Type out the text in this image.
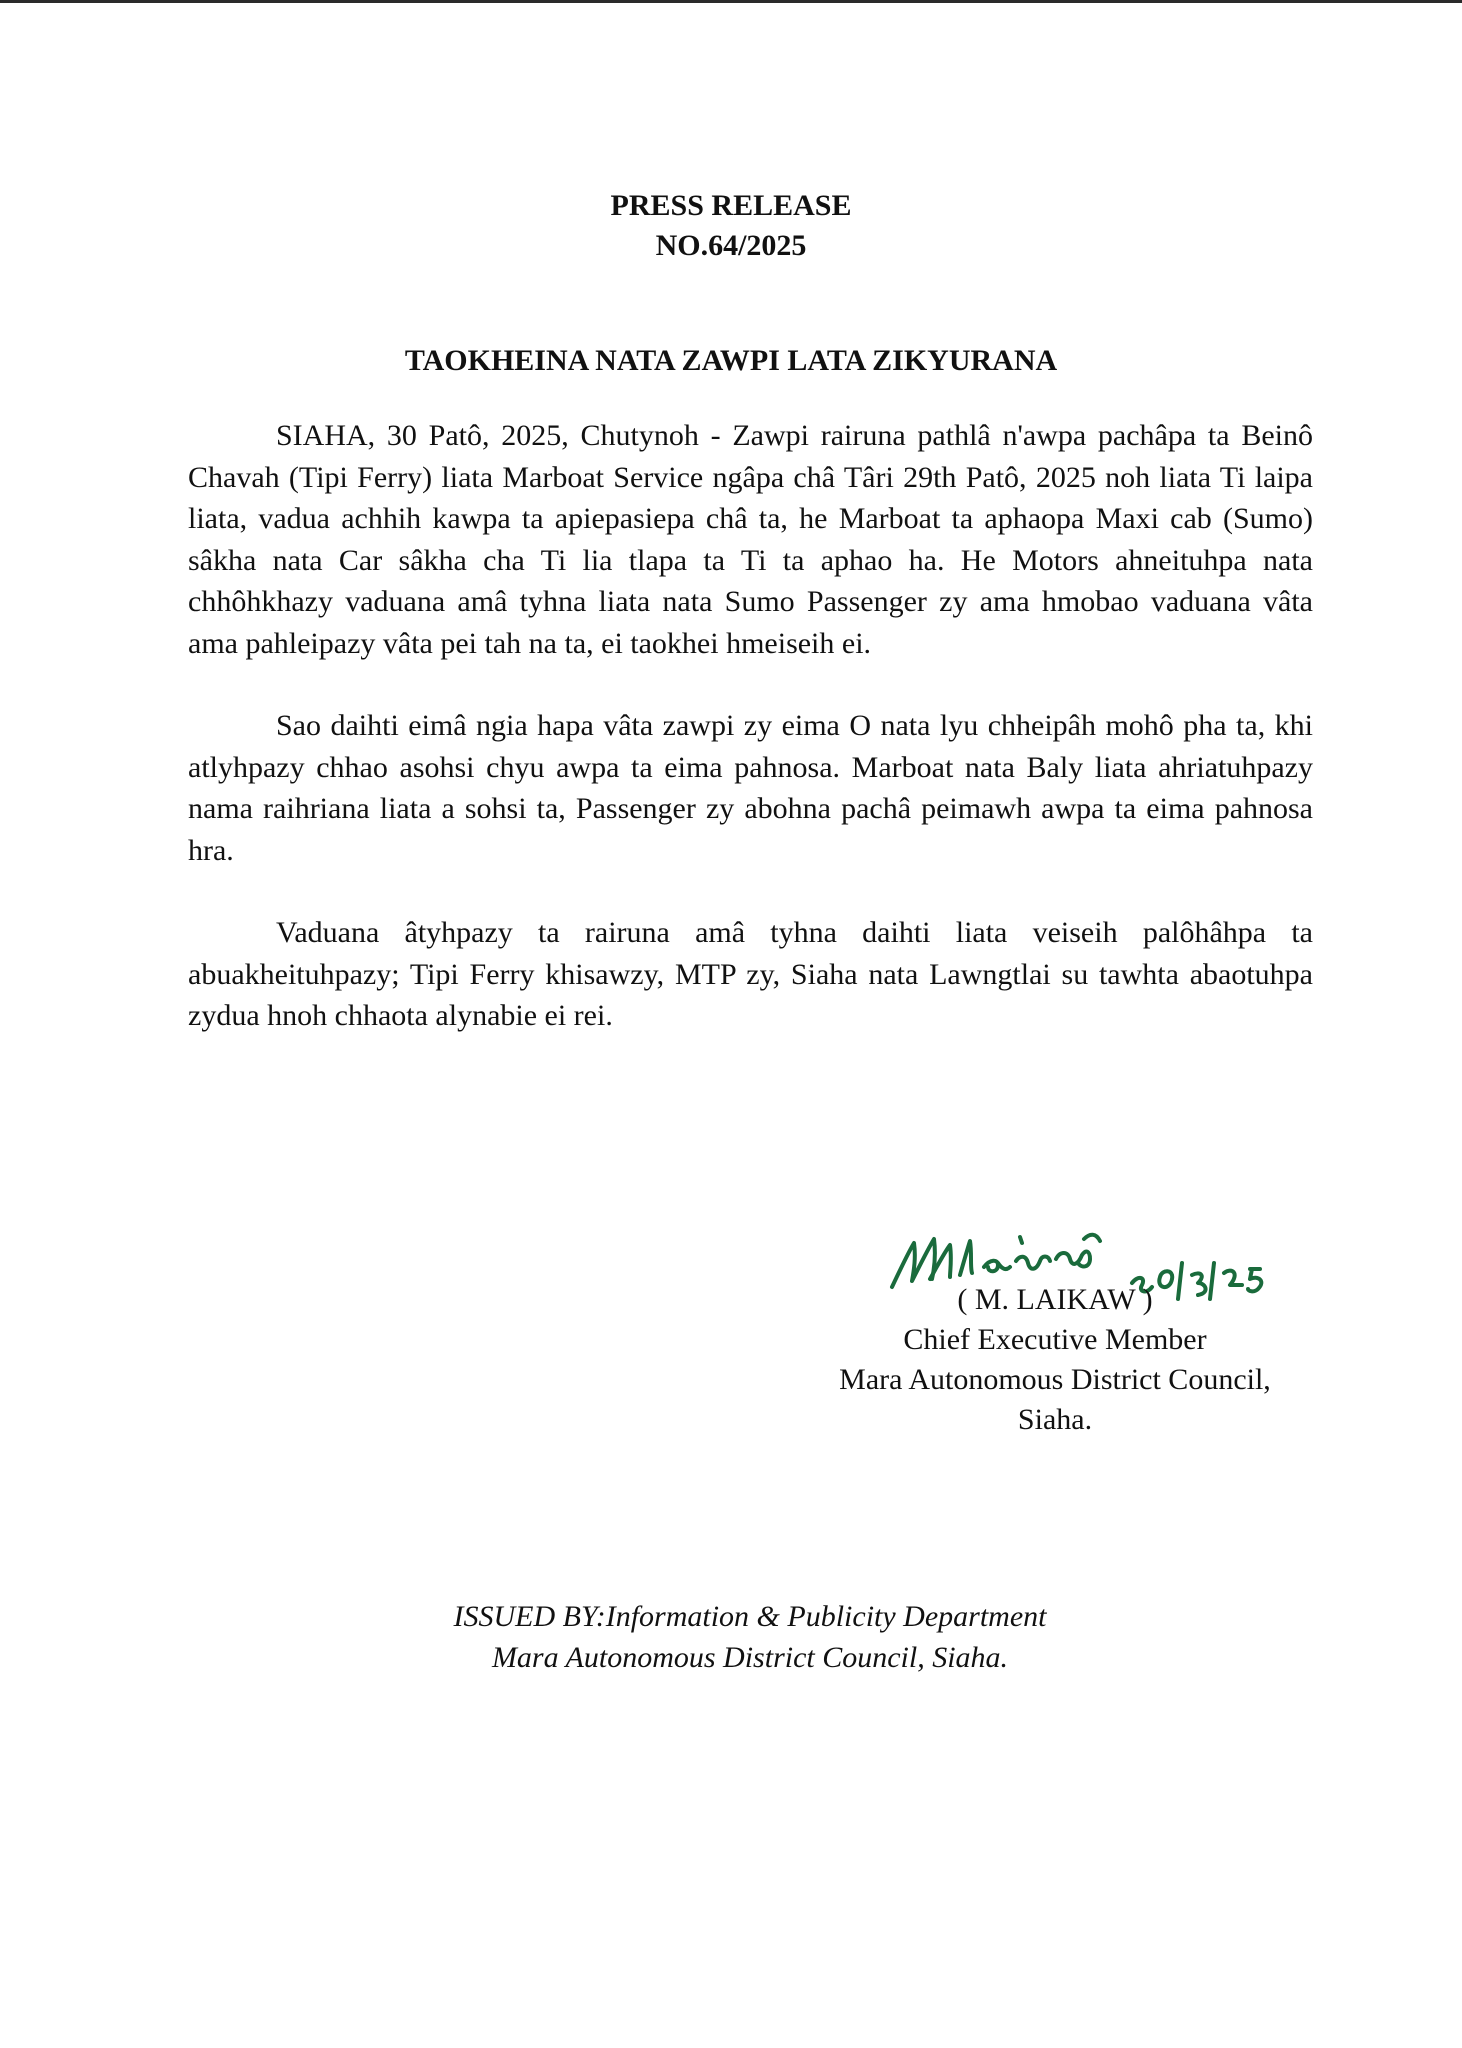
PRESS RELEASE
NO.64/2025
TAOKHEINA NATA ZAWPI LATA ZIKYURANA

SIAHA, 30 Patô, 2025, Chutynoh - Zawpi rairuna pathlâ n'awpa pachâpa ta Beinô Chavah (Tipi Ferry) liata Marboat Service ngâpa châ Târi 29th Patô, 2025 noh liata Ti laipa liata, vadua achhih kawpa ta apiepasiepa châ ta, he Marboat ta aphaopa Maxi cab (Sumo) sâkha nata Car sâkha cha Ti lia tlapa ta Ti ta aphao ha. He Motors ahneituhpa nata chhôhkhazy vaduana amâ tyhna liata nata Sumo Passenger zy ama hmobao vaduana vâta ama pahleipazy vâta pei tah na ta, ei taokhei hmeiseih ei.

Sao daihti eimâ ngia hapa vâta zawpi zy eima O nata lyu chheipâh mohô pha ta, khi atlyhpazy chhao asohsi chyu awpa ta eima pahnosa. Marboat nata Baly liata ahriatuhpazy nama raihriana liata a sohsi ta, Passenger zy abohna pachâ peimawh awpa ta eima pahnosa hra.

Vaduana âtyhpazy ta rairuna amâ tyhna daihti liata veiseih palôhâhpa ta abuakheituhpazy; Tipi Ferry khisawzy, MTP zy, Siaha nata Lawngtlai su tawhta abaotuhpa zydua hnoh chhaota alynabie ei rei.

( M. LAIKAW )
Chief Executive Member
Mara Autonomous District Council,
Siaha.
ISSUED BY:Information & Publicity Department
Mara Autonomous District Council, Siaha.
